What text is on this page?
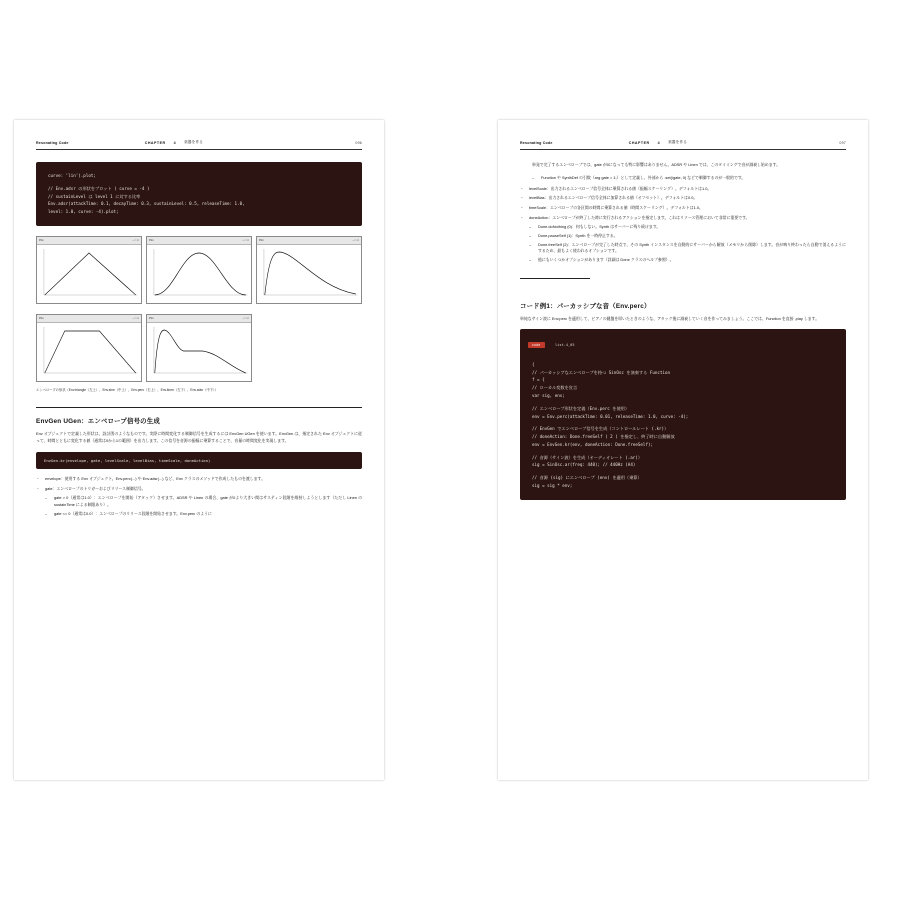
Resonating Code	CHAPTER 4 楽器を作る	096
curve: 'lin').plot;
// Env.adsr の形状をプロット ( curve = -4 )
// sustainLevel は level 1 に対する比率
Env.adsr(attackTime: 0.1, decayTime: 0.3, sustainLevel: 0.5, releaseTime: 1.0,
level: 1.0, curve: -4).plot;
Plot	‒ □ ✕	Plot	‒ □ ✕	Plot	‒ □ ✕
Plot	‒ □ ✕	Plot	‒ □ ✕
エンベロープの形状（Env.triangle（左上）、Env.sine（中上）、Env.perc（右上）、Env.linen（左下）、Env.adsr（中下））
EnvGen UGen：エンベロープ信号の生成

Env オブジェクトで定義した形状は、設計図のようなものです。実際に時間変化する制御信号を生成するには EnvGen UGen を使います。EnvGen は、指定された Env オブジェクトに従って、時間とともに変化する値（通常は0から1の範囲）を出力します。この信号を音源の振幅に乗算することで、音量の時間変化を実現します。

EnvGen.kr(envelope, gate, levelScale, levelBias, timeScale, doneAction)
・ envelope：使用する Env オブジェクト。Env.perc(...) や Env.adsr(...) など、Env クラスのメソッドで作成したものを渡します。
・ gate：エンベロープのトリガーおよびリリース制御信号。
– gate > 0（通常は1.0）：エンベロープを開始（アタック）させます。ADSR や Linen の場合、gate が0より大きい間はサスティン段階を維持しようとします（ただし Linen の sustainTime による制限あり）。
– gate <= 0（通常は0.0）：エンベロープのリリース段階を開始させます。Env.perc のように
Resonating Code	CHAPTER 4 楽器を作る	097

単発で完了するエンベロープでは、gate が0になっても特に影響はありません。ADSR や Linen では、このタイミングで音が減衰し始めます。

– Function や SynthDef の引数（arg gate = 1;）として定義し、外部から .set(\gate, 0) などで制御するのが一般的です。
・ levelScale：出力されるエンベロープ信号全体に乗算される値（振幅スケーリング）。デフォルトは1.0。
・ levelBias：出力されるエンベロープ信号全体に加算される値（オフセット）。デフォルトは0.0。
・ timeScale：エンベロープの各区間の時間に乗算される値（時間スケーリング）。デフォルトは1.0。
・ doneAction：エンベロープが終了した時に実行されるアクションを指定します。これはリソース管理において非常に重要です。
– Done.doNothing (0)：何もしない。Synth はサーバーに残り続けます。
– Done.pauseSelf (1)：Synth を一時停止する。
– Done.freeSelf (2)：エンベロープが完了した時点で、その Synth インスタンスを自動的にサーバーから解放（メモリから削除）します。音が鳴り終わったら自動で消えるようにするため、最もよく使われるオプションです。
– 他にもいくつかオプションがあります（詳細は Done クラスのヘルプ参照）。
コード例1：パーカッシブな音（Env.perc）

単純なサイン波に Env.perc を適用して、ピアノの鍵盤を叩いたときのような、アタック後に減衰していく音を作ってみましょう。ここでは、Function を直接 .play します。

code	list-4_05
{
// パーカッシブなエンベロープを持つ SinOsc を演奏する Function
f = {
// ローカル変数を宣言
var sig, env;
// エンベロープ形状を定義（Env.perc を使用）
env = Env.perc(attackTime: 0.01, releaseTime: 1.0, curve: -4);
// EnvGen でエンベロープ信号を生成（コントロールレート (.kr)）
// doneAction: Done.freeSelf ( 2 ) を指定し、終了時に自動解放
env = EnvGen.kr(env, doneAction: Done.freeSelf);
// 音源（サイン波）を生成（オーディオレート (.ar)）
sig = SinOsc.ar(freq: 440); // 440Hz (A4)
// 音源 (sig) にエンベロープ (env) を適用（乗算）
sig = sig * env;
